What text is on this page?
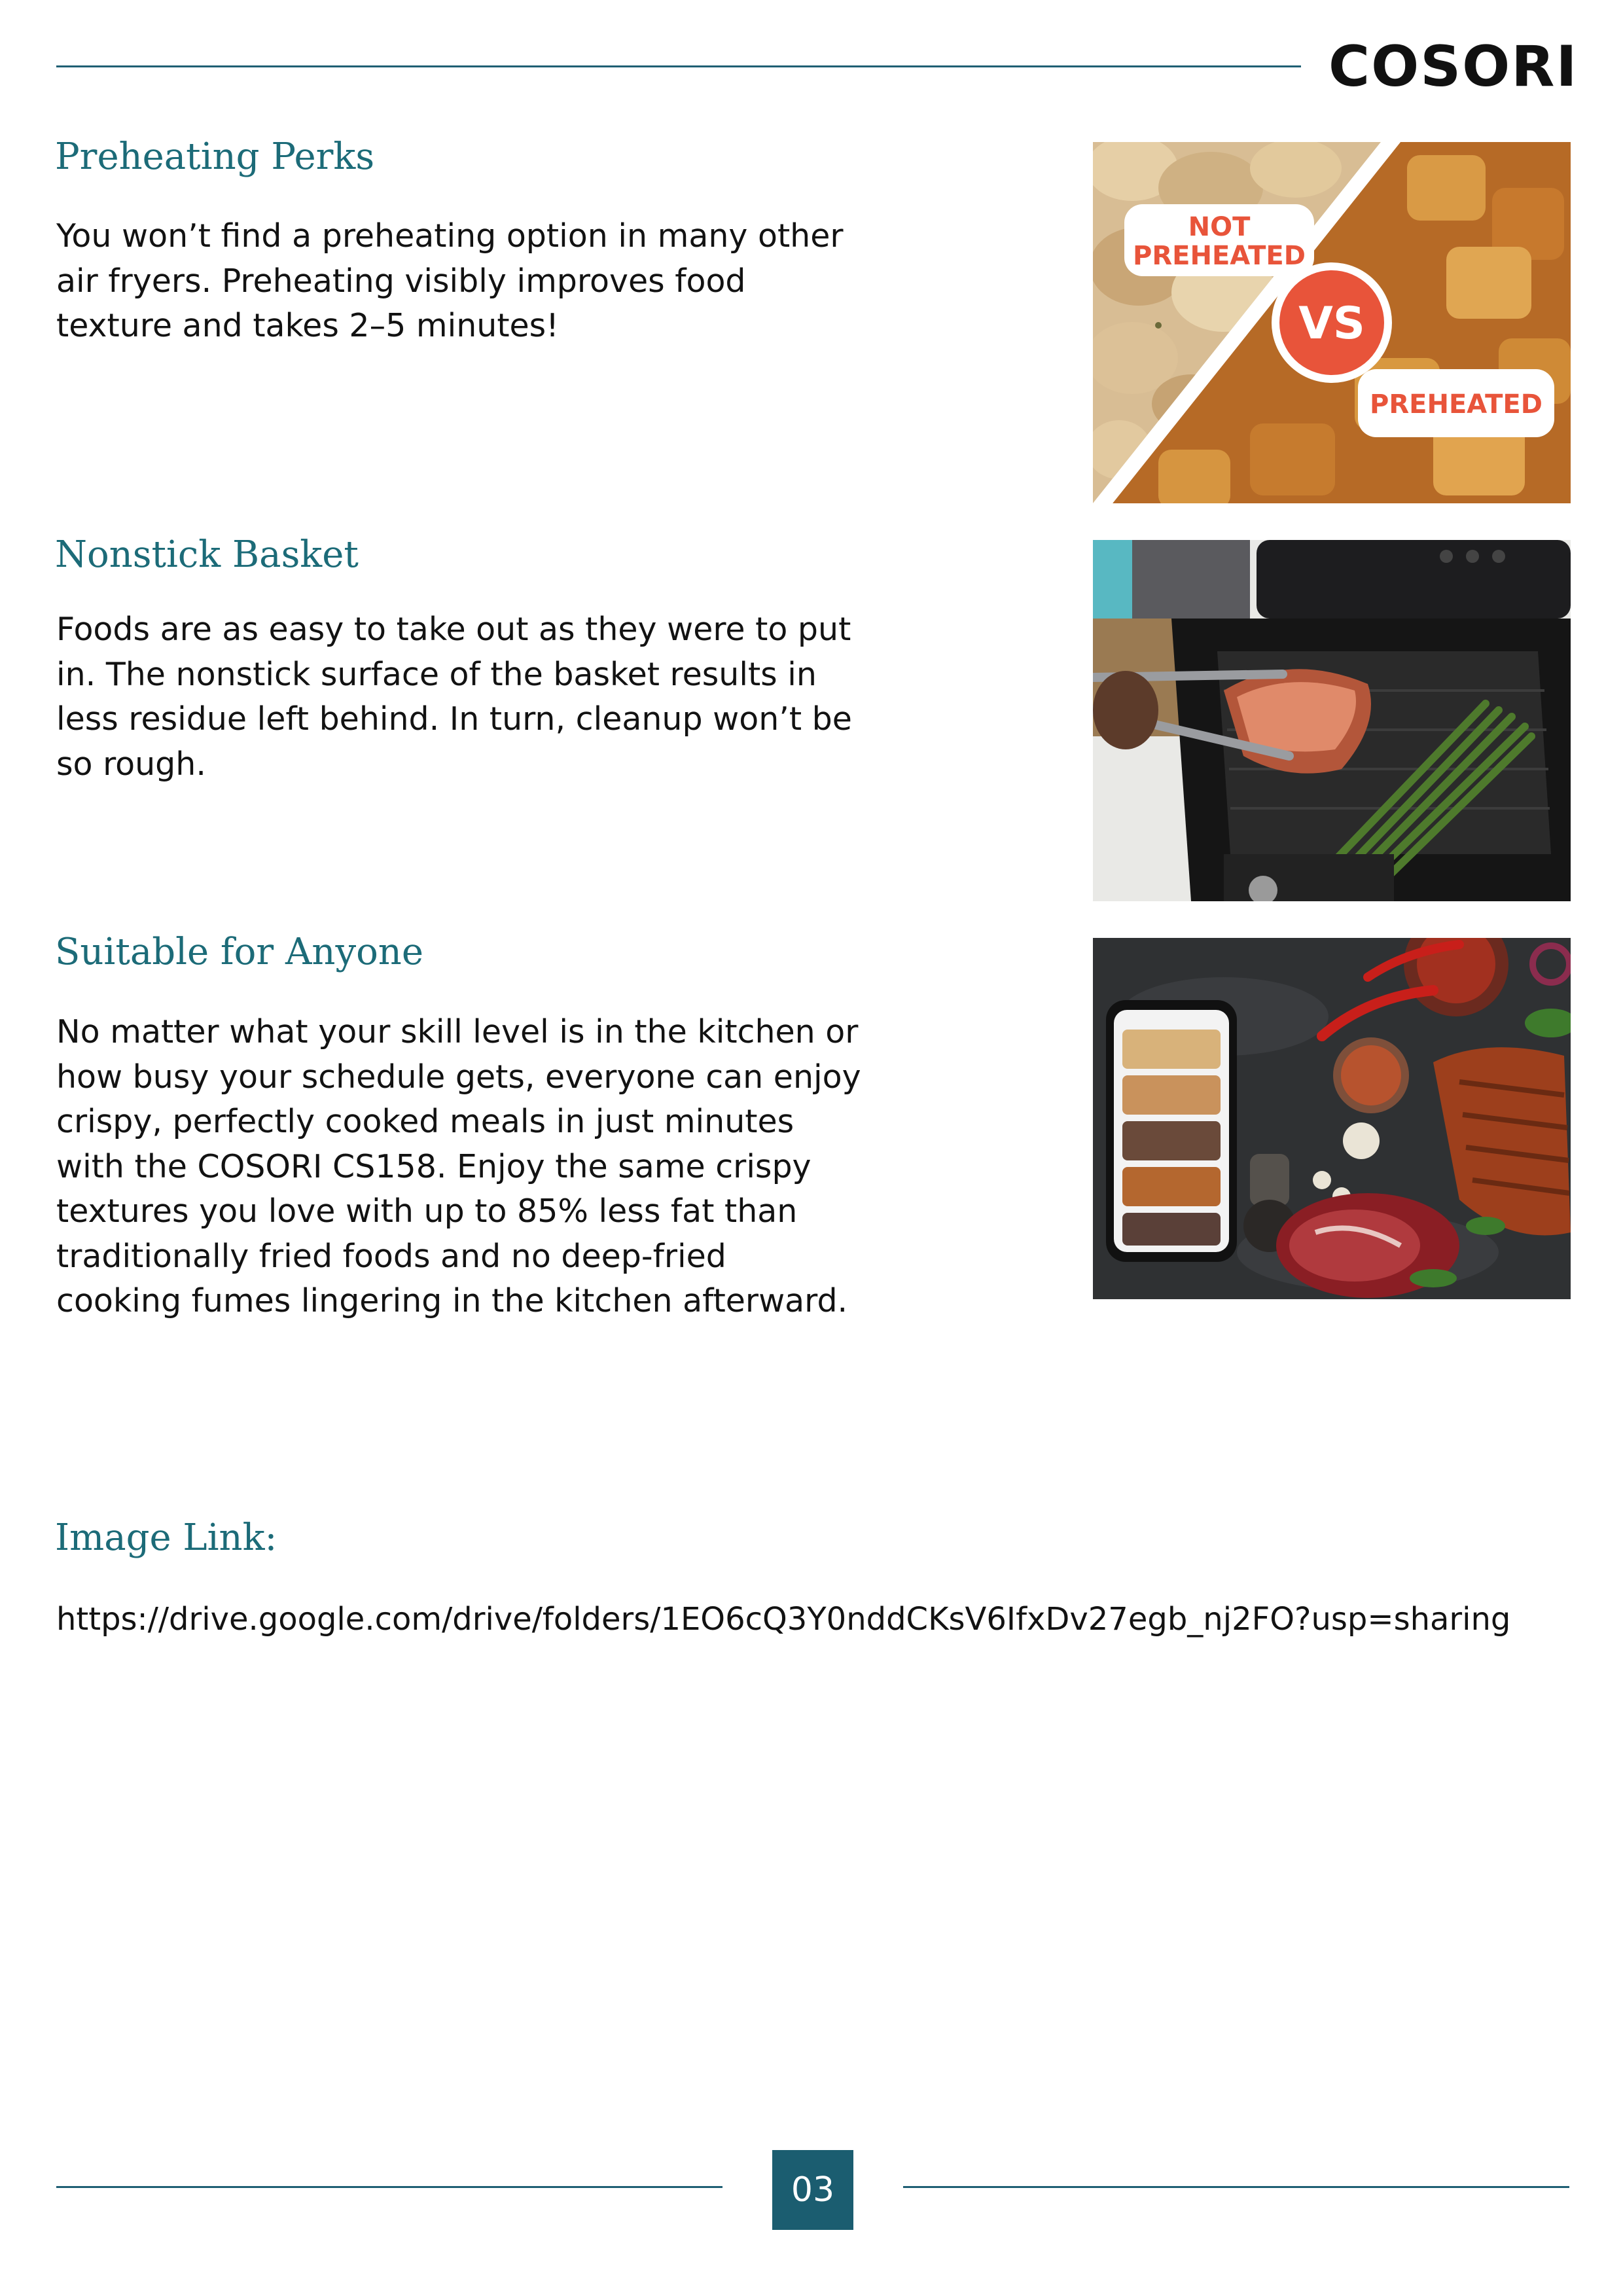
COSORI
Preheating Perks
You won’t find a preheating option in many other air fryers. Preheating visibly improves food texture and takes 2–5 minutes!
NOT
PREHEATED
VS
PREHEATED
Nonstick Basket
Foods are as easy to take out as they were to put in. The nonstick surface of the basket results in less residue left behind. In turn, cleanup won’t be so rough.
Suitable for Anyone
No matter what your skill level is in the kitchen or how busy your schedule gets, everyone can enjoy crispy, perfectly cooked meals in just minutes with the COSORI CS158. Enjoy the same crispy textures you love with up to 85% less fat than traditionally fried foods and no deep-fried cooking fumes lingering in the kitchen afterward.
Image Link:
https://drive.google.com/drive/folders/1EO6cQ3Y0nddCKsV6IfxDv27egb_nj2FO?usp=sharing
03
